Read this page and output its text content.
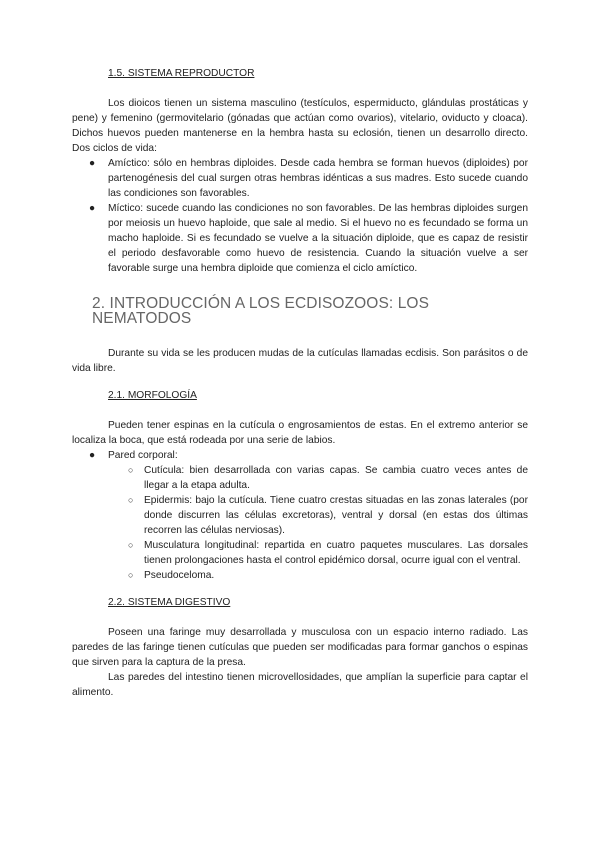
1.5. SISTEMA REPRODUCTOR

Los dioicos tienen un sistema masculino (testículos, espermiducto, glándulas prostáticas y pene) y femenino (germovitelario (gónadas que actúan como ovarios), vitelario, oviducto y cloaca). Dichos huevos pueden mantenerse en la hembra hasta su eclosión, tienen un desarrollo directo. Dos ciclos de vida:

● Amíctico: sólo en hembras diploides. Desde cada hembra se forman huevos (diploides) por partenogénesis del cual surgen otras hembras idénticas a sus madres. Esto sucede cuando las condiciones son favorables.
● Míctico: sucede cuando las condiciones no son favorables. De las hembras diploides surgen por meiosis un huevo haploide, que sale al medio. Si el huevo no es fecundado se forma un macho haploide. Si es fecundado se vuelve a la situación diploide, que es capaz de resistir el periodo desfavorable como huevo de resistencia. Cuando la situación vuelve a ser favorable surge una hembra diploide que comienza el ciclo amíctico.
2. INTRODUCCIÓN A LOS ECDISOZOOS: LOS NEMATODOS

Durante su vida se les producen mudas de la cutículas llamadas ecdisis. Son parásitos o de vida libre.

2.1. MORFOLOGÍA

Pueden tener espinas en la cutícula o engrosamientos de estas. En el extremo anterior se localiza la boca, que está rodeada por una serie de labios.

● Pared corporal:
○ Cutícula: bien desarrollada con varias capas. Se cambia cuatro veces antes de llegar a la etapa adulta.
○ Epidermis: bajo la cutícula. Tiene cuatro crestas situadas en las zonas laterales (por donde discurren las células excretoras), ventral y dorsal (en estas dos últimas recorren las células nerviosas).
○ Musculatura longitudinal: repartida en cuatro paquetes musculares. Las dorsales tienen prolongaciones hasta el control epidémico dorsal, ocurre igual con el ventral.
○ Pseudoceloma.
2.2. SISTEMA DIGESTIVO

Poseen una faringe muy desarrollada y musculosa con un espacio interno radiado. Las paredes de las faringe tienen cutículas que pueden ser modificadas para formar ganchos o espinas que sirven para la captura de la presa.

Las paredes del intestino tienen microvellosidades, que amplían la superficie para captar el alimento.
